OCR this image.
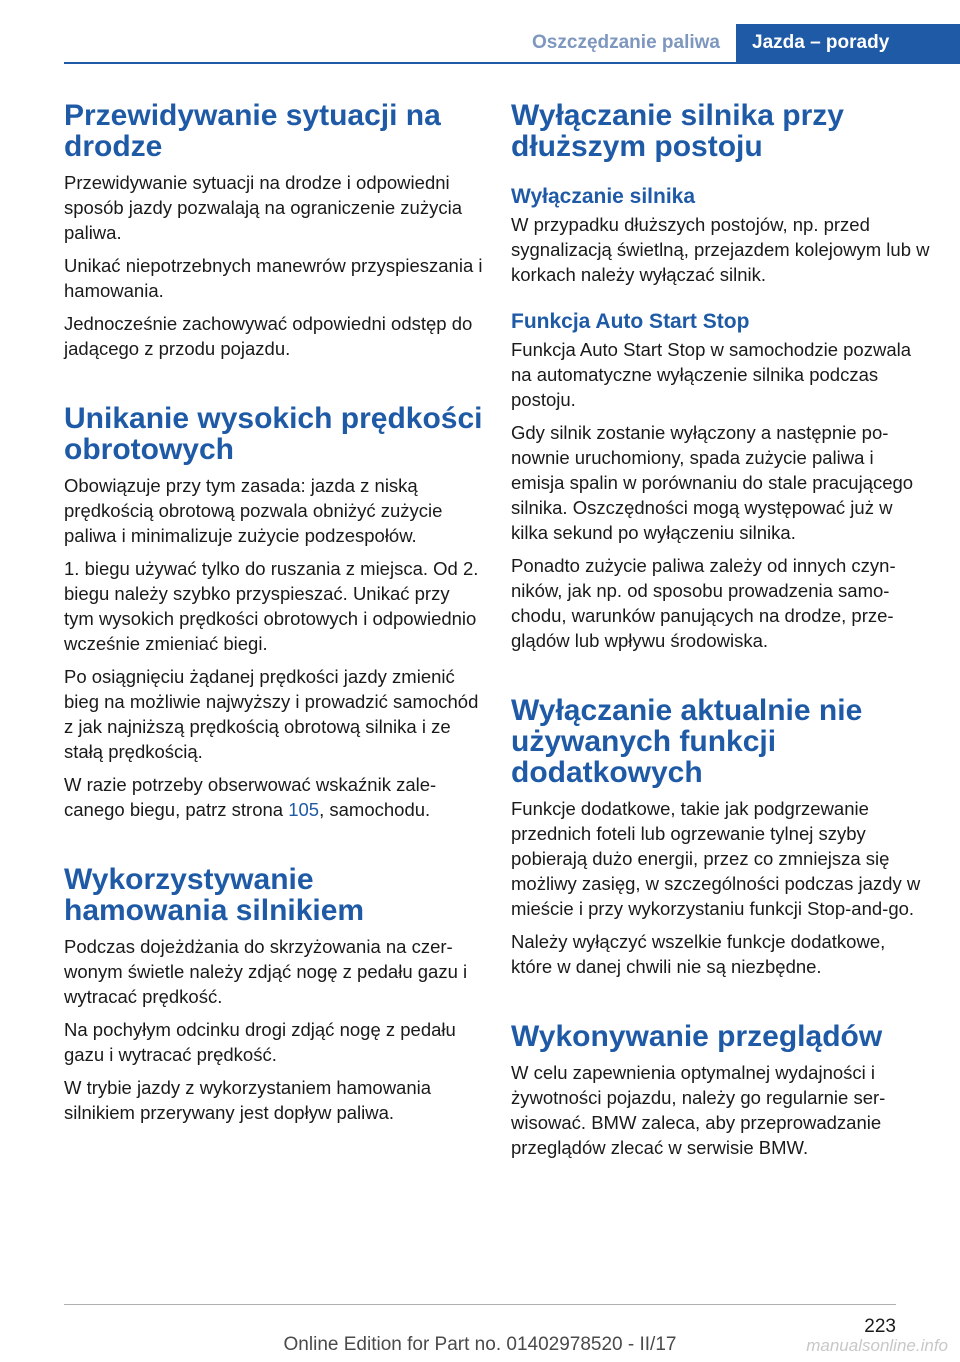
Oszczędzanie paliwa	Jazda – porady
Przewidywanie sytuacji na drodze

Przewidywanie sytuacji na drodze i odpowiedni sposób jazdy pozwalają na ograniczenie zużycia paliwa.

Unikać niepotrzebnych manewrów przyspieszania i hamowania.

Jednocześnie zachowywać odpowiedni odstęp do jadącego z przodu pojazdu.

Unikanie wysokich prędkości obrotowych

Obowiązuje przy tym zasada: jazda z niską prędkością obrotową pozwala obniżyć zużycie paliwa i minimalizuje zużycie podzespołów.

1. biegu używać tylko do ruszania z miejsca. Od 2. biegu należy szybko przyspieszać. Unikać przy tym wysokich prędkości obrotowych i odpowiednio wcześnie zmieniać biegi.

Po osiągnięciu żądanej prędkości jazdy zmienić bieg na możliwie najwyższy i prowadzić samochód z jak najniższą prędkością obrotową silnika i ze stałą prędkością.

W razie potrzeby obserwować wskaźnik zalecanego biegu, patrz strona 105, samochodu.

Wykorzystywanie hamowania silnikiem

Podczas dojeżdżania do skrzyżowania na czerwonym świetle należy zdjąć nogę z pedału gazu i wytracać prędkość.

Na pochyłym odcinku drogi zdjąć nogę z pedału gazu i wytracać prędkość.

W trybie jazdy z wykorzystaniem hamowania silnikiem przerywany jest dopływ paliwa.

Wyłączanie silnika przy dłuższym postoju
Wyłączanie silnika

W przypadku dłuższych postojów, np. przed sygnalizacją świetlną, przejazdem kolejowym lub w korkach należy wyłączać silnik.

Funkcja Auto Start Stop

Funkcja Auto Start Stop w samochodzie pozwala na automatyczne wyłączenie silnika podczas postoju.

Gdy silnik zostanie wyłączony a następnie ponownie uruchomiony, spada zużycie paliwa i emisja spalin w porównaniu do stale pracującego silnika. Oszczędności mogą występować już w kilka sekund po wyłączeniu silnika.

Ponadto zużycie paliwa zależy od innych czynników, jak np. od sposobu prowadzenia samochodu, warunków panujących na drodze, przeglądów lub wpływu środowiska.

Wyłączanie aktualnie nie używanych funkcji dodatkowych

Funkcje dodatkowe, takie jak podgrzewanie przednich foteli lub ogrzewanie tylnej szyby pobierają dużo energii, przez co zmniejsza się możliwy zasięg, w szczególności podczas jazdy w mieście i przy wykorzystaniu funkcji Stop-and-go.

Należy wyłączyć wszelkie funkcje dodatkowe, które w danej chwili nie są niezbędne.

Wykonywanie przeglądów

W celu zapewnienia optymalnej wydajności i żywotności pojazdu, należy go regularnie serwisować. BMW zaleca, aby przeprowadzanie przeglądów zlecać w serwisie BMW.

223
Online Edition for Part no. 01402978520 - II/17	manualsonline.info
